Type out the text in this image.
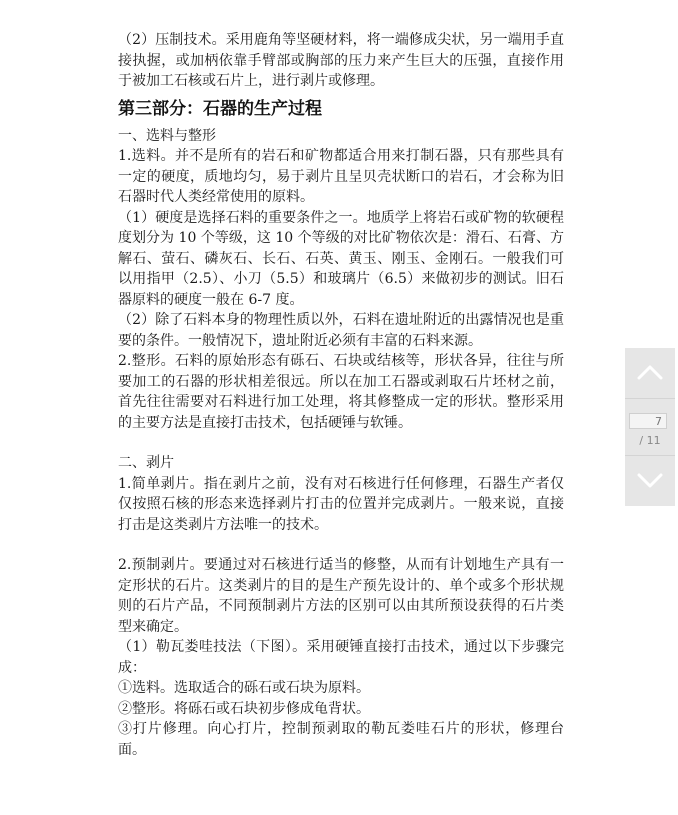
（2）压制技术。采用鹿角等坚硬材料，将一端修成尖状，另一端用手直接执握，或加柄依靠手臂部或胸部的压力来产生巨大的压强，直接作用于被加工石核或石片上，进行剥片或修理。

第三部分：石器的生产过程

一、选料与整形

1.选料。并不是所有的岩石和矿物都适合用来打制石器，只有那些具有一定的硬度，质地均匀，易于剥片且呈贝壳状断口的岩石，才会称为旧石器时代人类经常使用的原料。

（1）硬度是选择石料的重要条件之一。地质学上将岩石或矿物的软硬程度划分为 10 个等级，这 10 个等级的对比矿物依次是：滑石、石膏、方解石、萤石、磷灰石、长石、石英、黄玉、刚玉、金刚石。一般我们可以用指甲（2.5）、小刀（5.5）和玻璃片（6.5）来做初步的测试。旧石器原料的硬度一般在 6-7 度。

（2）除了石料本身的物理性质以外，石料在遗址附近的出露情况也是重要的条件。一般情况下，遗址附近必须有丰富的石料来源。

2.整形。石料的原始形态有砾石、石块或结核等，形状各异，往往与所要加工的石器的形状相差很远。所以在加工石器或剥取石片坯材之前，首先往往需要对石料进行加工处理，将其修整成一定的形状。整形采用的主要方法是直接打击技术，包括硬锤与软锤。

二、剥片

1.简单剥片。指在剥片之前，没有对石核进行任何修理，石器生产者仅仅按照石核的形态来选择剥片打击的位置并完成剥片。一般来说，直接打击是这类剥片方法唯一的技术。

2.预制剥片。要通过对石核进行适当的修整，从而有计划地生产具有一定形状的石片。这类剥片的目的是生产预先设计的、单个或多个形状规则的石片产品，不同预制剥片方法的区别可以由其所预设获得的石片类型来确定。

（1）勒瓦娄哇技法（下图）。采用硬锤直接打击技术，通过以下步骤完成：

①选料。选取适合的砾石或石块为原料。

②整形。将砾石或石块初步修成龟背状。

③打片修理。向心打片，控制预剥取的勒瓦娄哇石片的形状，修理台面。

7
/ 11
